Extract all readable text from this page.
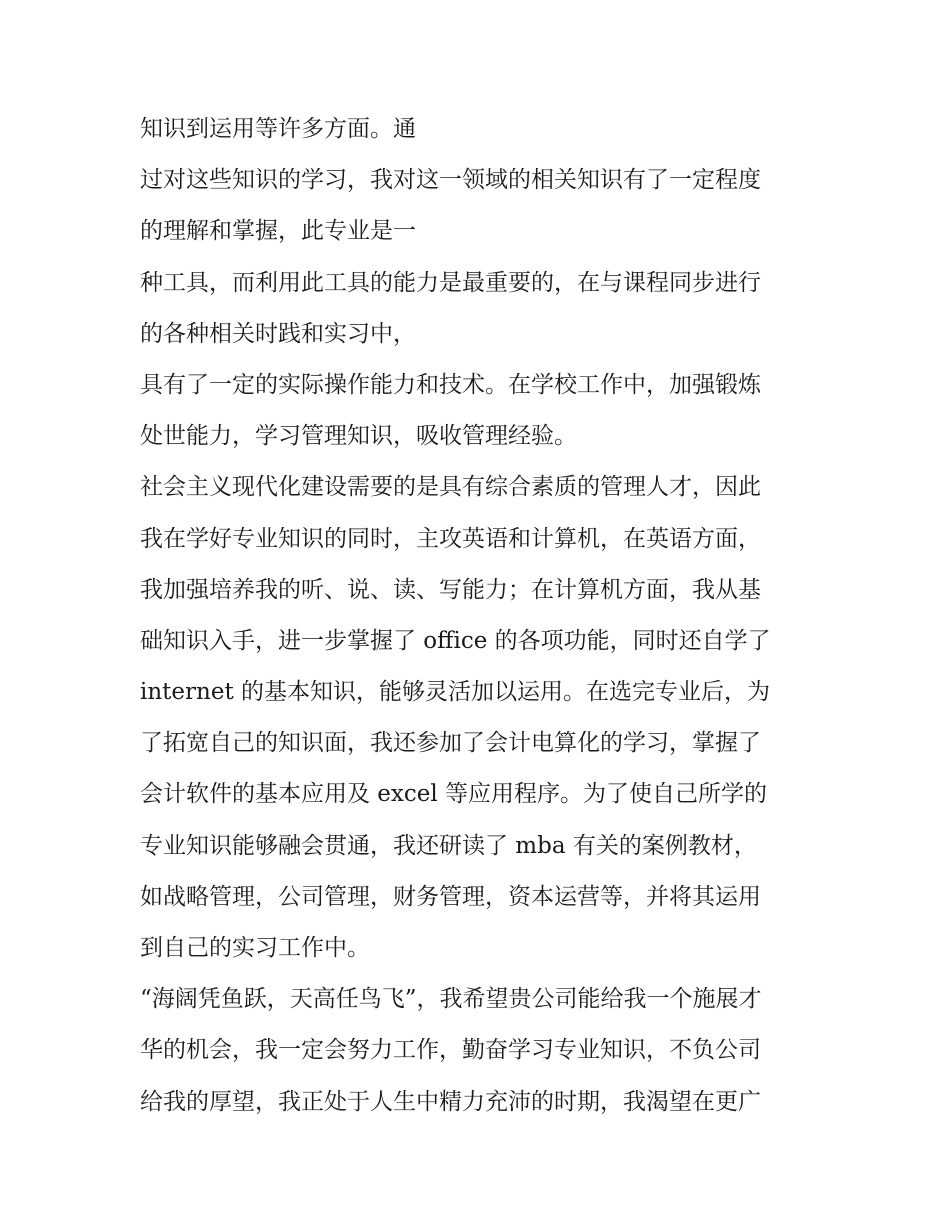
知识到运用等许多方面。通
过对这些知识的学习，我对这一领域的相关知识有了一定程度
的理解和掌握，此专业是一
种工具，而利用此工具的能力是最重要的，在与课程同步进行
的各种相关时践和实习中，
具有了一定的实际操作能力和技术。在学校工作中，加强锻炼
处世能力，学习管理知识，吸收管理经验。
社会主义现代化建设需要的是具有综合素质的管理人才，因此
我在学好专业知识的同时，主攻英语和计算机，在英语方面，
我加强培养我的听、说、读、写能力；在计算机方面，我从基
础知识入手，进一步掌握了 office 的各项功能，同时还自学了
internet 的基本知识，能够灵活加以运用。在选完专业后，为
了拓宽自己的知识面，我还参加了会计电算化的学习，掌握了
会计软件的基本应用及 excel 等应用程序。为了使自己所学的
专业知识能够融会贯通，我还研读了 mba 有关的案例教材，
如战略管理，公司管理，财务管理，资本运营等，并将其运用
到自己的实习工作中。
“海阔凭鱼跃，天高任鸟飞”，我希望贵公司能给我一个施展才
华的机会，我一定会努力工作，勤奋学习专业知识，不负公司
给我的厚望，我正处于人生中精力充沛的时期，我渴望在更广
